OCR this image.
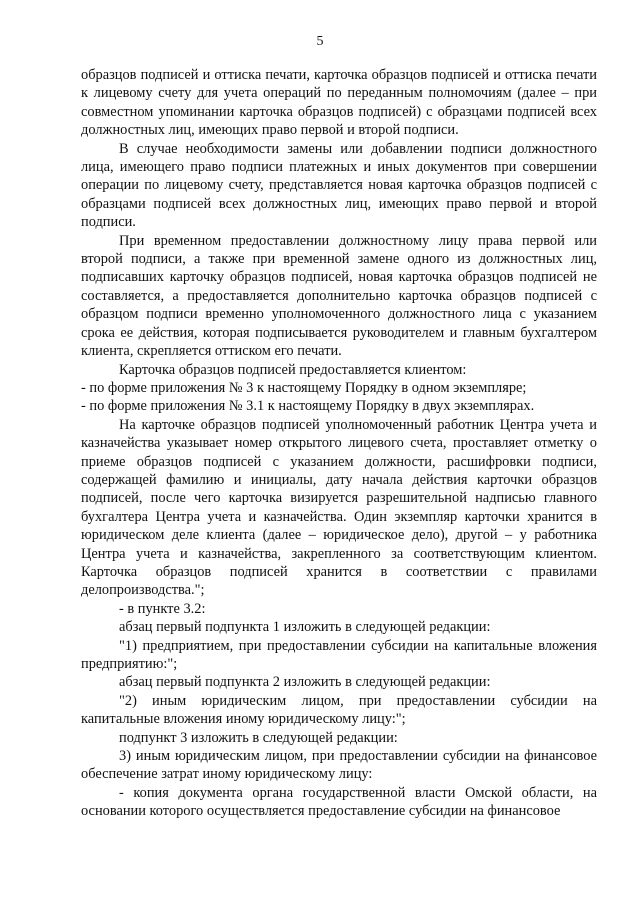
5

образцов подписей и оттиска печати, карточка образцов подписей и оттиска печати к лицевому счету для учета операций по переданным полномочиям (далее – при совместном упоминании карточка образцов подписей) с образцами подписей всех должностных лиц, имеющих право первой и второй подписи.

В случае необходимости замены или добавлении подписи должностного лица, имеющего право подписи платежных и иных документов при совершении операции по лицевому счету, представляется новая карточка образцов подписей с образцами подписей всех должностных лиц, имеющих право первой и второй подписи.

При временном предоставлении должностному лицу права первой или второй подписи, а также при временной замене одного из должностных лиц, подписавших карточку образцов подписей, новая карточка образцов подписей не составляется, а предоставляется дополнительно карточка образцов подписей с образцом подписи временно уполномоченного должностного лица с указанием срока ее действия, которая подписывается руководителем и главным бухгалтером клиента, скрепляется оттиском его печати.

Карточка образцов подписей предоставляется клиентом:

- по форме приложения № 3 к настоящему Порядку в одном экземпляре;

- по форме приложения № 3.1 к настоящему Порядку в двух экземплярах.

На карточке образцов подписей уполномоченный работник Центра учета и казначейства указывает номер открытого лицевого счета, проставляет отметку о приеме образцов подписей с указанием должности, расшифровки подписи, содержащей фамилию и инициалы, дату начала действия карточки образцов подписей, после чего карточка визируется разрешительной надписью главного бухгалтера Центра учета и казначейства. Один экземпляр карточки хранится в юридическом деле клиента (далее – юридическое дело), другой – у работника Центра учета и казначейства, закрепленного за соответствующим клиентом. Карточка образцов подписей хранится в соответствии с правилами делопроизводства.";

- в пункте 3.2:

абзац первый подпункта 1 изложить в следующей редакции:

"1) предприятием, при предоставлении субсидии на капитальные вложения предприятию:";

абзац первый подпункта 2 изложить в следующей редакции:

"2) иным юридическим лицом, при предоставлении субсидии на капитальные вложения иному юридическому лицу:";

подпункт 3 изложить в следующей редакции:

3) иным юридическим лицом, при предоставлении субсидии на финансовое обеспечение затрат иному юридическому лицу:

- копия документа органа государственной власти Омской области, на основании которого осуществляется предоставление субсидии на финансовое
